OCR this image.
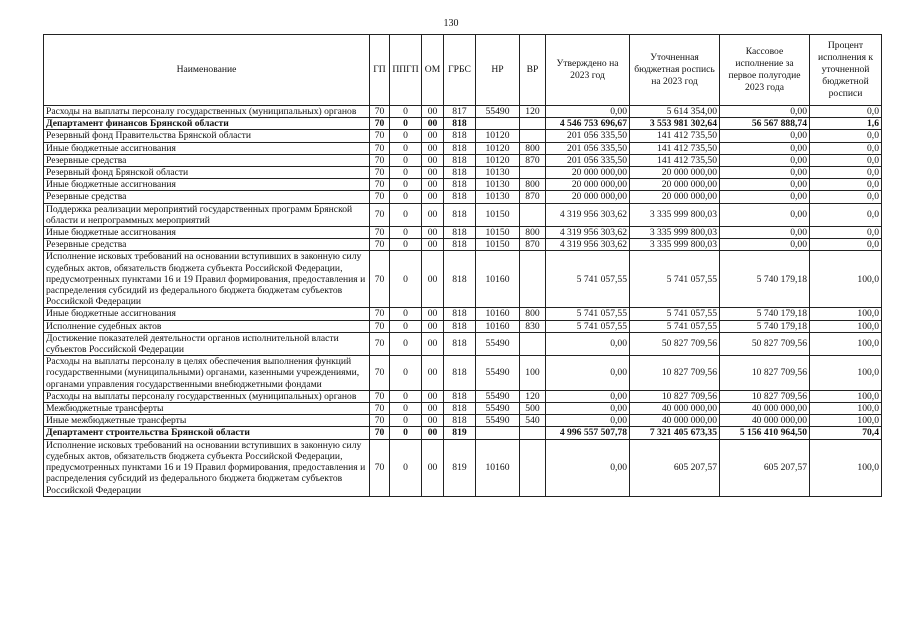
130
Наименование	ГП	ППГП	ОМ	ГРБС	НР	ВР	Утверждено на 2023 год	Уточненная бюджетная роспись на 2023 год	Кассовое исполнение за первое полугодие 2023 года	Процент исполнения к уточненной бюджетной росписи
Расходы на выплаты персоналу государственных (муниципальных) органов	70	0	00	817	55490	120	0,00	5 614 354,00	0,00	0,0
Департамент финансов Брянской области	70	0	00	818			4 546 753 696,67	3 553 981 302,64	56 567 888,74	1,6
Резервный фонд Правительства Брянской области	70	0	00	818	10120		201 056 335,50	141 412 735,50	0,00	0,0
Иные бюджетные ассигнования	70	0	00	818	10120	800	201 056 335,50	141 412 735,50	0,00	0,0
Резервные средства	70	0	00	818	10120	870	201 056 335,50	141 412 735,50	0,00	0,0
Резервный фонд Брянской области	70	0	00	818	10130		20 000 000,00	20 000 000,00	0,00	0,0
Иные бюджетные ассигнования	70	0	00	818	10130	800	20 000 000,00	20 000 000,00	0,00	0,0
Резервные средства	70	0	00	818	10130	870	20 000 000,00	20 000 000,00	0,00	0,0
Поддержка реализации мероприятий государственных программ Брянской области и непрограммных мероприятий	70	0	00	818	10150		4 319 956 303,62	3 335 999 800,03	0,00	0,0
Иные бюджетные ассигнования	70	0	00	818	10150	800	4 319 956 303,62	3 335 999 800,03	0,00	0,0
Резервные средства	70	0	00	818	10150	870	4 319 956 303,62	3 335 999 800,03	0,00	0,0
Исполнение исковых требований на основании вступивших в законную силу судебных актов, обязательств бюджета субъекта Российской Федерации, предусмотренных пунктами 16 и 19 Правил формирования, предоставления и распределения субсидий из федерального бюджета бюджетам субъектов Российской Федерации	70	0	00	818	10160		5 741 057,55	5 741 057,55	5 740 179,18	100,0
Иные бюджетные ассигнования	70	0	00	818	10160	800	5 741 057,55	5 741 057,55	5 740 179,18	100,0
Исполнение судебных актов	70	0	00	818	10160	830	5 741 057,55	5 741 057,55	5 740 179,18	100,0
Достижение показателей деятельности органов исполнительной власти субъектов Российской Федерации	70	0	00	818	55490		0,00	50 827 709,56	50 827 709,56	100,0
Расходы на выплаты персоналу в целях обеспечения выполнения функций государственными (муниципальными) органами, казенными учреждениями, органами управления государственными внебюджетными фондами	70	0	00	818	55490	100	0,00	10 827 709,56	10 827 709,56	100,0
Расходы на выплаты персоналу государственных (муниципальных) органов	70	0	00	818	55490	120	0,00	10 827 709,56	10 827 709,56	100,0
Межбюджетные трансферты	70	0	00	818	55490	500	0,00	40 000 000,00	40 000 000,00	100,0
Иные межбюджетные трансферты	70	0	00	818	55490	540	0,00	40 000 000,00	40 000 000,00	100,0
Департамент строительства Брянской области	70	0	00	819			4 996 557 507,78	7 321 405 673,35	5 156 410 964,50	70,4
Исполнение исковых требований на основании вступивших в законную силу судебных актов, обязательств бюджета субъекта Российской Федерации, предусмотренных пунктами 16 и 19 Правил формирования, предоставления и распределения субсидий из федерального бюджета бюджетам субъектов Российской Федерации	70	0	00	819	10160		0,00	605 207,57	605 207,57	100,0
